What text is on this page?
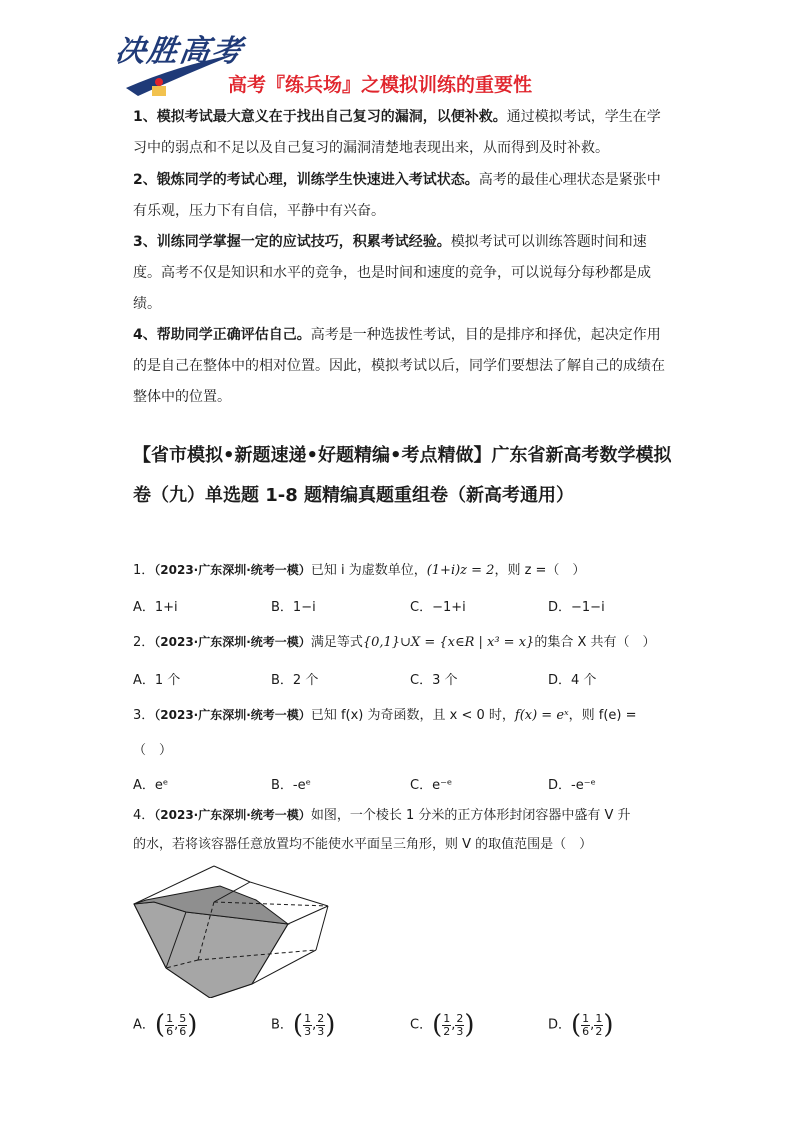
决胜高考
高考『练兵场』之模拟训练的重要性
1、模拟考试最大意义在于找出自己复习的漏洞，以便补救。通过模拟考试，学生在学习中的弱点和不足以及自己复习的漏洞清楚地表现出来，从而得到及时补救。
2、锻炼同学的考试心理，训练学生快速进入考试状态。高考的最佳心理状态是紧张中有乐观，压力下有自信，平静中有兴奋。
3、训练同学掌握一定的应试技巧，积累考试经验。模拟考试可以训练答题时间和速度。高考不仅是知识和水平的竞争，也是时间和速度的竞争，可以说每分每秒都是成绩。
4、帮助同学正确评估自己。高考是一种选拔性考试，目的是排序和择优，起决定作用的是自己在整体中的相对位置。因此，模拟考试以后，同学们要想法了解自己的成绩在整体中的位置。
【省市模拟•新题速递•好题精编•考点精做】广东省新高考数学模拟卷（九）单选题 1-8 题精编真题重组卷（新高考通用）
1．（2023·广东深圳·统考一模）已知 i 为虚数单位，(1+i)z = 2，则 z =（　）
A．1+i	B．1−i	C．−1+i	D．−1−i
2．（2023·广东深圳·统考一模）满足等式{0,1}∪X = {x∈R | x³ = x}的集合 X 共有（　）
A．1 个	B．2 个	C．3 个	D．4 个
3．（2023·广东深圳·统考一模）已知 f(x) 为奇函数，且 x < 0 时，f(x) = eˣ，则 f(e) =
（　）
A．eᵉ	B．-eᵉ	C．e⁻ᵉ	D．-e⁻ᵉ
4．（2023·广东深圳·统考一模）如图，一个棱长 1 分米的正方体形封闭容器中盛有 V 升
的水，若将该容器任意放置均不能使水平面呈三角形，则 V 的取值范围是（　）
A．( $\frac{1}{6}$ , $\frac{5}{6}$ )	B．( $\frac{1}{3}$ , $\frac{2}{3}$ )	C．( $\frac{1}{2}$ , $\frac{2}{3}$ )	D．( $\frac{1}{6}$ , $\frac{1}{2}$ )
